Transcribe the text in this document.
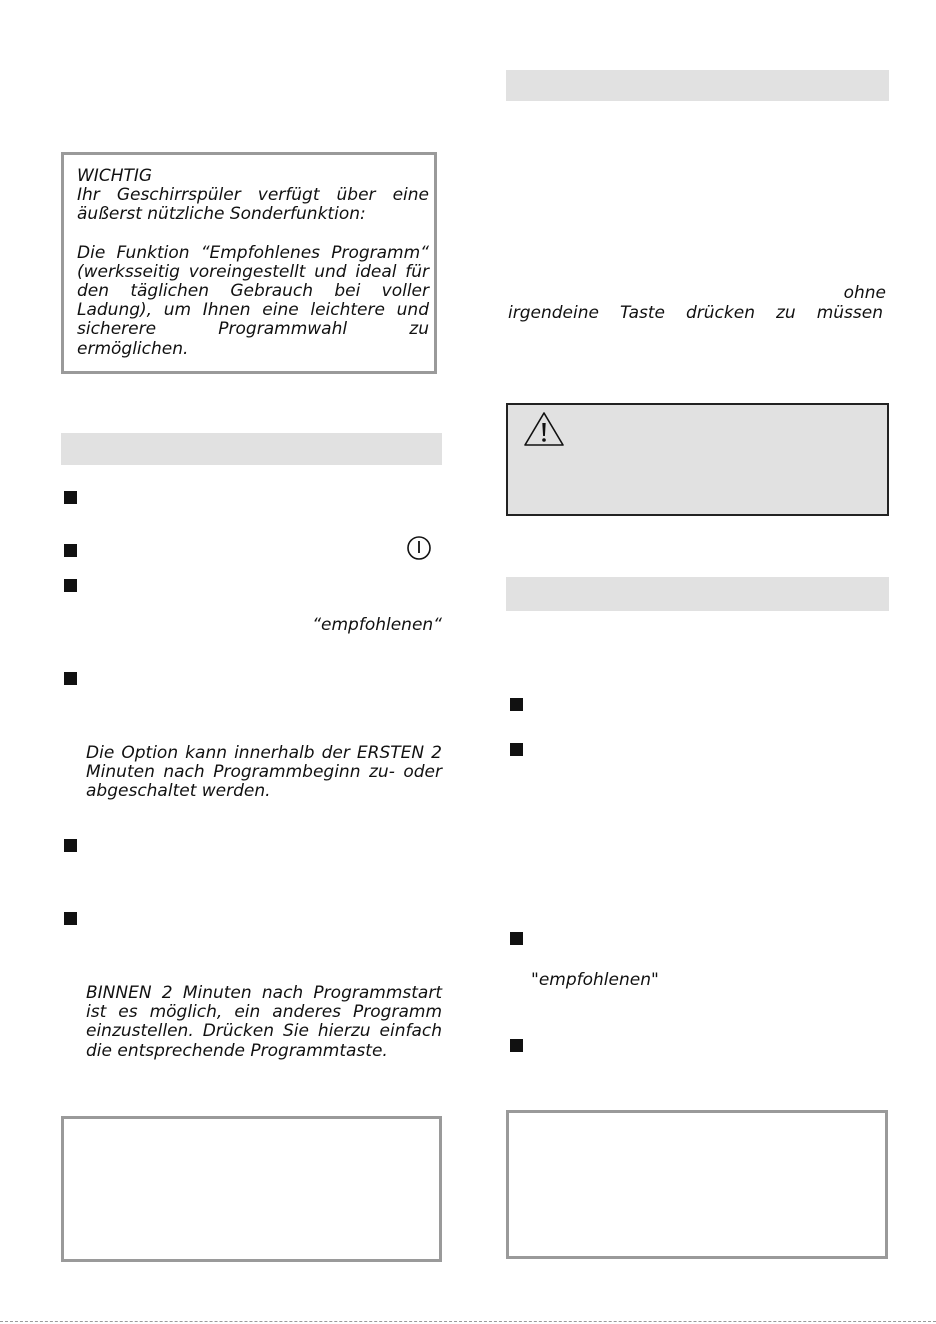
WICHTIG

Ihr Geschirrspüler verfügt über eine äußerst nützliche Sonderfunktion:

Die Funktion “Empfohlenes Programm“ (werksseitig voreingestellt und ideal für den täglichen Gebrauch bei voller Ladung), um Ihnen eine leichtere und sicherere Programmwahl zu ermöglichen.

“empfohlenen“
Die Option kann innerhalb der ERSTEN 2 Minuten nach Programmbeginn zu- oder abgeschaltet werden.
BINNEN 2 Minuten nach Programmstart ist es möglich, ein anderes Programm einzustellen. Drücken Sie hierzu einfach die entsprechende Programmtaste.
ohne
irgendeine Taste drücken zu müssen
"empfohlenen"
